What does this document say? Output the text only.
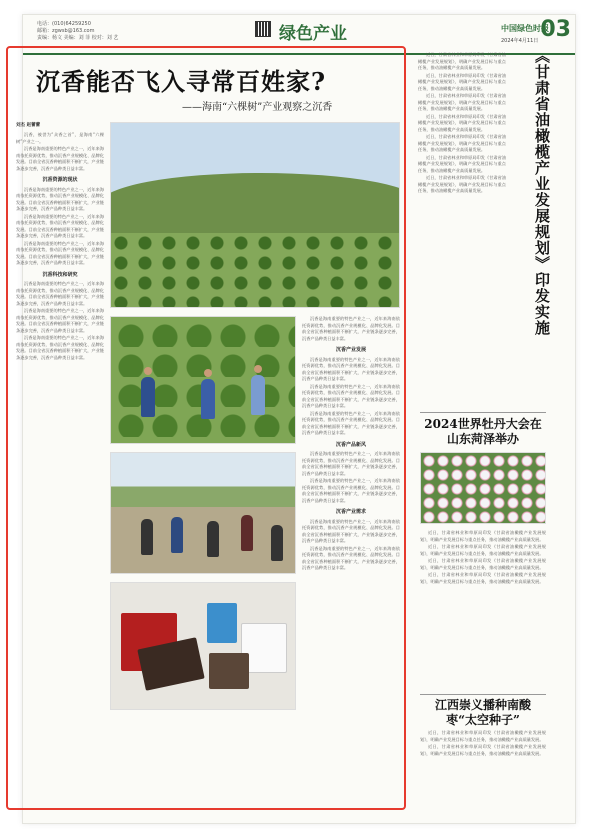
电话：(010)64259250
邮箱：zgwsb@163.com
责编：杨文 美编：刘 菲 校对：刘 艺	绿色产业	中国绿色时报
2024年4月11日 03
沉香能否飞入寻常百姓家?
——海南“六棵树”产业观察之沉香
刘杰 赵蕾蕾

沉香，被誉为“众香之首”，是海南“六棵树”产业之一。

沉香是海南重要的特色产业之一，近年来海南依托资源优势，推动沉香产业规模化、品牌化发展。目前全省沉香种植面积不断扩大，产业链条逐步完善，沉香产品种类日益丰富。

沉香资源的现状

沉香是海南重要的特色产业之一，近年来海南依托资源优势，推动沉香产业规模化、品牌化发展。目前全省沉香种植面积不断扩大，产业链条逐步完善，沉香产品种类日益丰富。

沉香是海南重要的特色产业之一，近年来海南依托资源优势，推动沉香产业规模化、品牌化发展。目前全省沉香种植面积不断扩大，产业链条逐步完善，沉香产品种类日益丰富。

沉香是海南重要的特色产业之一，近年来海南依托资源优势，推动沉香产业规模化、品牌化发展。目前全省沉香种植面积不断扩大，产业链条逐步完善，沉香产品种类日益丰富。

沉香科技和研究

沉香是海南重要的特色产业之一，近年来海南依托资源优势，推动沉香产业规模化、品牌化发展。目前全省沉香种植面积不断扩大，产业链条逐步完善，沉香产品种类日益丰富。

沉香是海南重要的特色产业之一，近年来海南依托资源优势，推动沉香产业规模化、品牌化发展。目前全省沉香种植面积不断扩大，产业链条逐步完善，沉香产品种类日益丰富。

沉香是海南重要的特色产业之一，近年来海南依托资源优势，推动沉香产业规模化、品牌化发展。目前全省沉香种植面积不断扩大，产业链条逐步完善，沉香产品种类日益丰富。

沉香是海南重要的特色产业之一，近年来海南依托资源优势，推动沉香产业规模化、品牌化发展。目前全省沉香种植面积不断扩大，产业链条逐步完善，沉香产品种类日益丰富。

沉香产业发展

沉香是海南重要的特色产业之一，近年来海南依托资源优势，推动沉香产业规模化、品牌化发展。目前全省沉香种植面积不断扩大，产业链条逐步完善，沉香产品种类日益丰富。

沉香是海南重要的特色产业之一，近年来海南依托资源优势，推动沉香产业规模化、品牌化发展。目前全省沉香种植面积不断扩大，产业链条逐步完善，沉香产品种类日益丰富。

沉香是海南重要的特色产业之一，近年来海南依托资源优势，推动沉香产业规模化、品牌化发展。目前全省沉香种植面积不断扩大，产业链条逐步完善，沉香产品种类日益丰富。

沉香产品新风

沉香是海南重要的特色产业之一，近年来海南依托资源优势，推动沉香产业规模化、品牌化发展。目前全省沉香种植面积不断扩大，产业链条逐步完善，沉香产品种类日益丰富。

沉香是海南重要的特色产业之一，近年来海南依托资源优势，推动沉香产业规模化、品牌化发展。目前全省沉香种植面积不断扩大，产业链条逐步完善，沉香产品种类日益丰富。

沉香产业需求

沉香是海南重要的特色产业之一，近年来海南依托资源优势，推动沉香产业规模化、品牌化发展。目前全省沉香种植面积不断扩大，产业链条逐步完善，沉香产品种类日益丰富。

沉香是海南重要的特色产业之一，近年来海南依托资源优势，推动沉香产业规模化、品牌化发展。目前全省沉香种植面积不断扩大，产业链条逐步完善，沉香产品种类日益丰富。

近日，甘肃省林业和草原局印发《甘肃省油橄榄产业发展规划》，明确产业发展目标与重点任务，推动油橄榄产业高质量发展。

近日，甘肃省林业和草原局印发《甘肃省油橄榄产业发展规划》，明确产业发展目标与重点任务，推动油橄榄产业高质量发展。

近日，甘肃省林业和草原局印发《甘肃省油橄榄产业发展规划》，明确产业发展目标与重点任务，推动油橄榄产业高质量发展。

近日，甘肃省林业和草原局印发《甘肃省油橄榄产业发展规划》，明确产业发展目标与重点任务，推动油橄榄产业高质量发展。

近日，甘肃省林业和草原局印发《甘肃省油橄榄产业发展规划》，明确产业发展目标与重点任务，推动油橄榄产业高质量发展。

近日，甘肃省林业和草原局印发《甘肃省油橄榄产业发展规划》，明确产业发展目标与重点任务，推动油橄榄产业高质量发展。

近日，甘肃省林业和草原局印发《甘肃省油橄榄产业发展规划》，明确产业发展目标与重点任务，推动油橄榄产业高质量发展。	《甘肃省油橄榄产业发展规划》印发实施
2024世界牡丹大会在山东菏泽举办

近日，甘肃省林业和草原局印发《甘肃省油橄榄产业发展规划》，明确产业发展目标与重点任务，推动油橄榄产业高质量发展。

近日，甘肃省林业和草原局印发《甘肃省油橄榄产业发展规划》，明确产业发展目标与重点任务，推动油橄榄产业高质量发展。

近日，甘肃省林业和草原局印发《甘肃省油橄榄产业发展规划》，明确产业发展目标与重点任务，推动油橄榄产业高质量发展。

近日，甘肃省林业和草原局印发《甘肃省油橄榄产业发展规划》，明确产业发展目标与重点任务，推动油橄榄产业高质量发展。

江西崇义播种南酸枣“太空种子”

近日，甘肃省林业和草原局印发《甘肃省油橄榄产业发展规划》，明确产业发展目标与重点任务，推动油橄榄产业高质量发展。

近日，甘肃省林业和草原局印发《甘肃省油橄榄产业发展规划》，明确产业发展目标与重点任务，推动油橄榄产业高质量发展。
